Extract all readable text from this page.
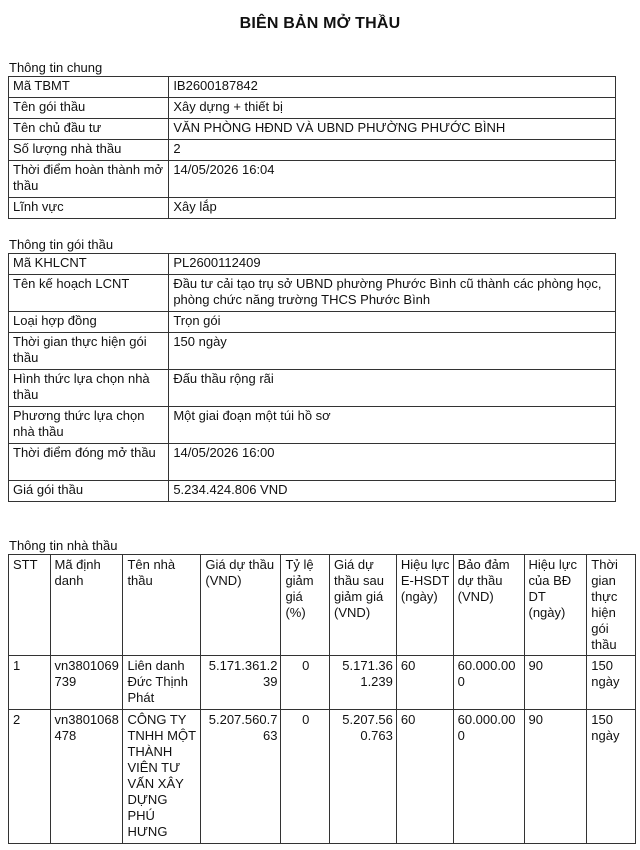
BIÊN BẢN MỞ THẦU
Thông tin chung
Mã TBMT	IB2600187842
Tên gói thầu	Xây dựng + thiết bị
Tên chủ đầu tư	VĂN PHÒNG HĐND VÀ UBND PHƯỜNG PHƯỚC BÌNH
Số lượng nhà thầu	2
Thời điểm hoàn thành mở thầu	14/05/2026 16:04
Lĩnh vực	Xây lắp
Thông tin gói thầu
Mã KHLCNT	PL2600112409
Tên kế hoạch LCNT	Đầu tư cải tạo trụ sở UBND phường Phước Bình cũ thành các phòng học, phòng chức năng trường THCS Phước Bình
Loại hợp đồng	Trọn gói
Thời gian thực hiện gói thầu	150 ngày
Hình thức lựa chọn nhà thầu	Đấu thầu rộng rãi
Phương thức lựa chọn nhà thầu	Một giai đoạn một túi hồ sơ
Thời điểm đóng mở thầu	14/05/2026 16:00
Giá gói thầu	5.234.424.806 VND
Thông tin nhà thầu
STT	Mã định danh	Tên nhà thầu	Giá dự thầu (VND)	Tỷ lệ giảm giá (%)	Giá dự thầu sau giảm giá (VND)	Hiệu lực E-HSDT (ngày)	Bảo đảm dự thầu (VND)	Hiệu lực của BĐ DT (ngày)	Thời gian thực hiện gói thầu
1	vn3801069739	Liên danh Đức Thịnh Phát	5.171.361.239	0	5.171.361.239	60	60.000.000	90	150 ngày
2	vn3801068478	CÔNG TY TNHH MỘT THÀNH VIÊN TƯ VẤN XÂY DỰNG PHÚ HƯNG	5.207.560.763	0	5.207.560.763	60	60.000.000	90	150 ngày
